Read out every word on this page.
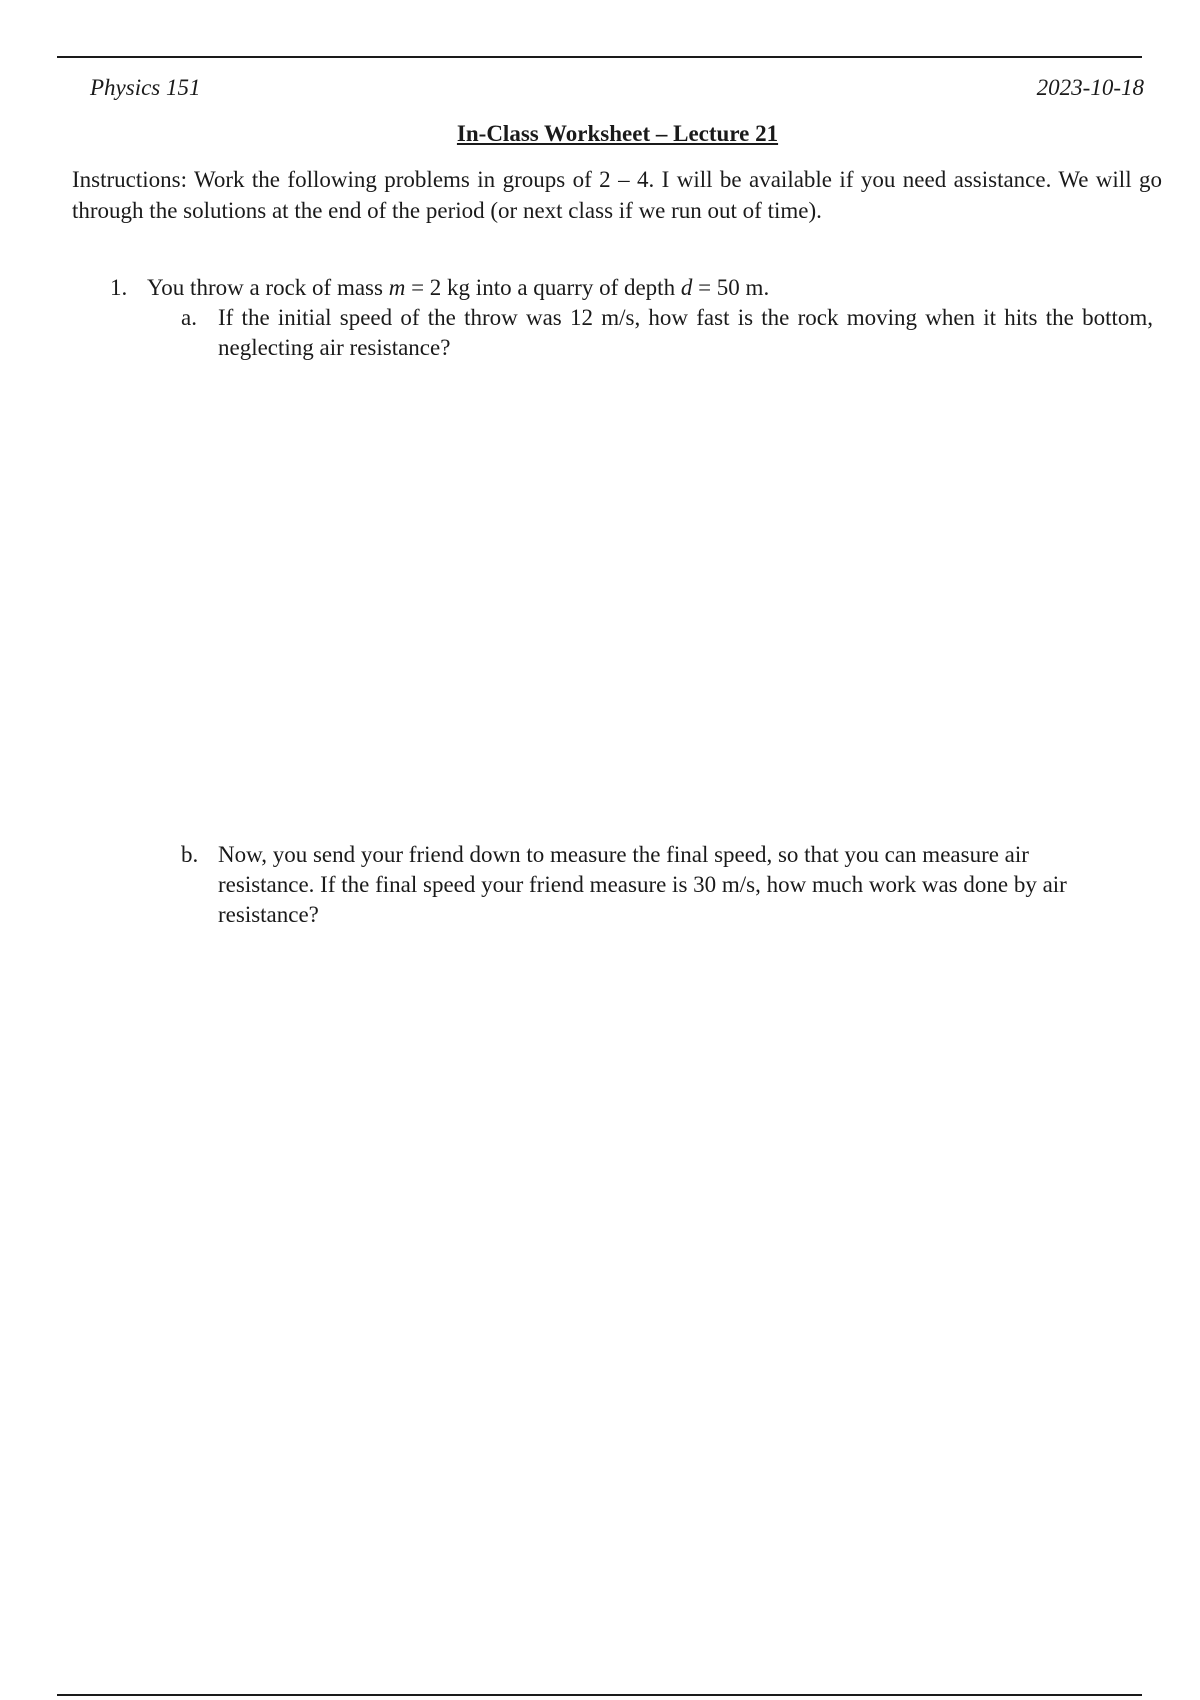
Physics 151	2023-10-18
In-Class Worksheet – Lecture 21
Instructions: Work the following problems in groups of 2 – 4. I will be available if you need assistance. We will go through the solutions at the end of the period (or next class if we run out of time).
1. You throw a rock of mass m = 2 kg into a quarry of depth d = 50 m.
a. If the initial speed of the throw was 12 m/s, how fast is the rock moving when it hits the bottom, neglecting air resistance?
b. Now, you send your friend down to measure the final speed, so that you can measure air
resistance. If the final speed your friend measure is 30 m/s, how much work was done by air
resistance?
